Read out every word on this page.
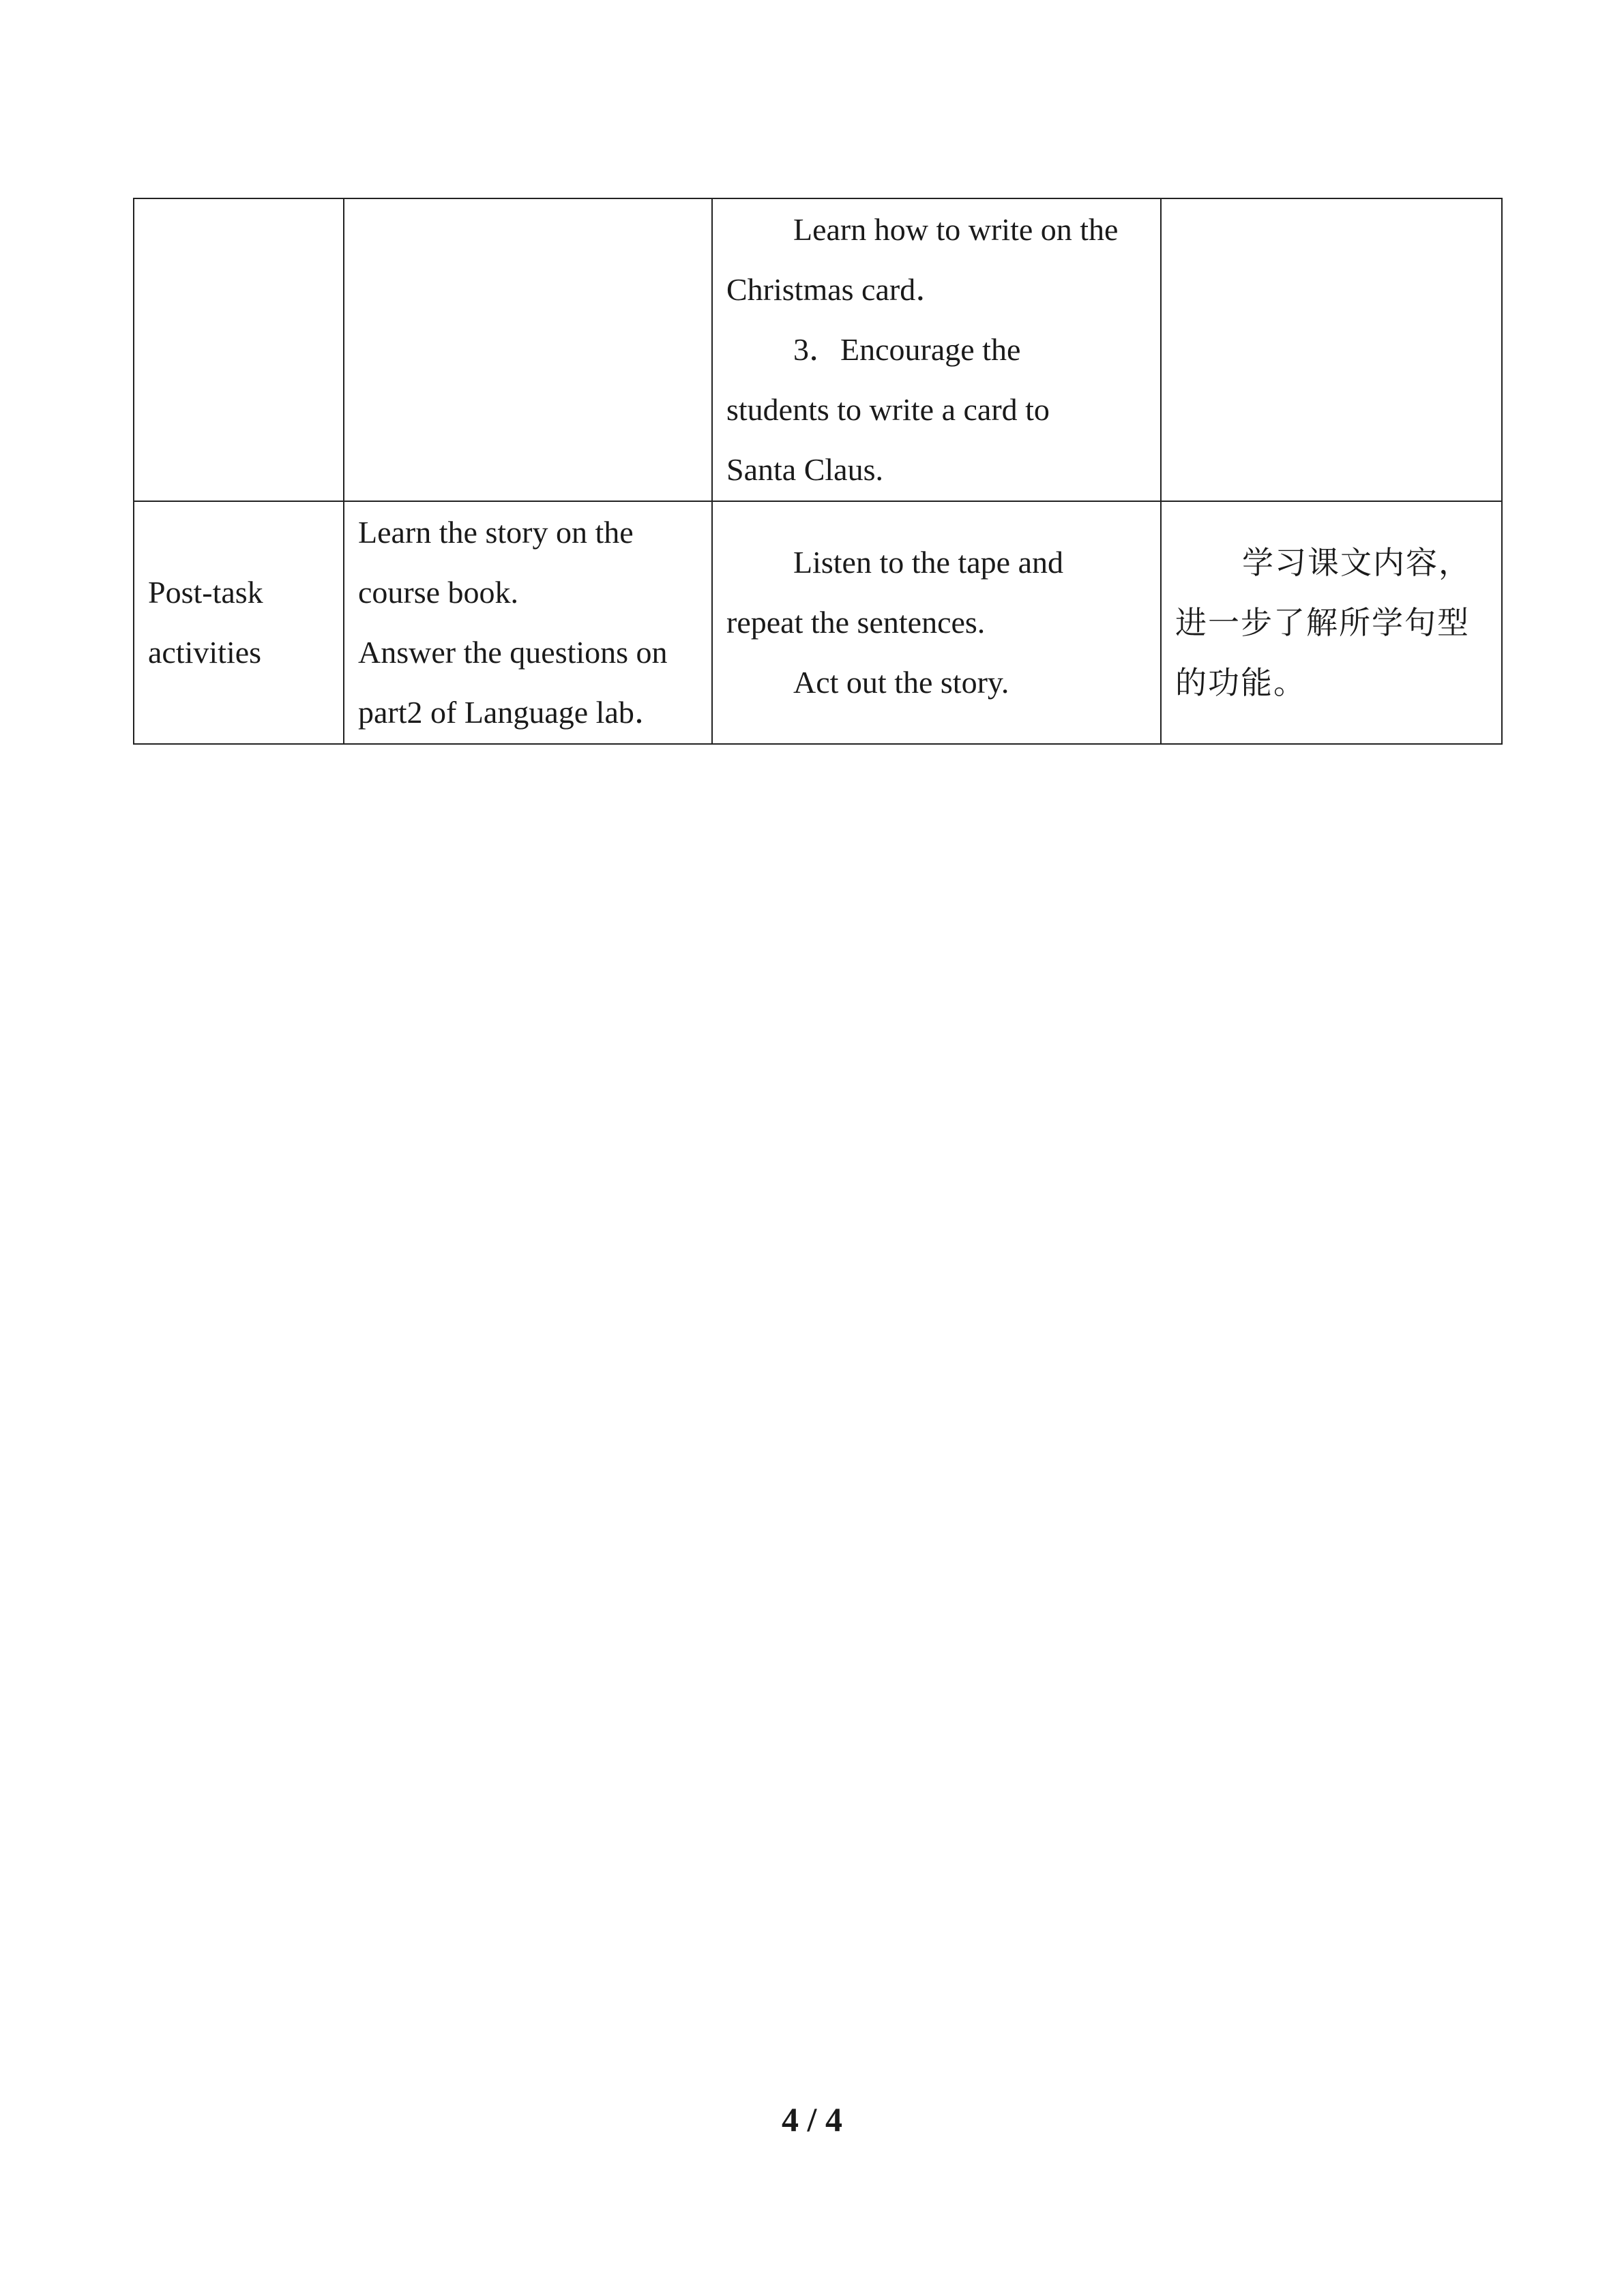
		Learn how to write on the
Christmas card．
3．Encourage the
students to write a card to
Santa Claus.	

Post-task
activities	Learn the story on the
course book.
Answer the questions on
part2 of Language lab．	Listen to the tape and
repeat the sentences.
Act out the story.	学习课文内容，
进一步了解所学句型
的功能。
4 / 4
